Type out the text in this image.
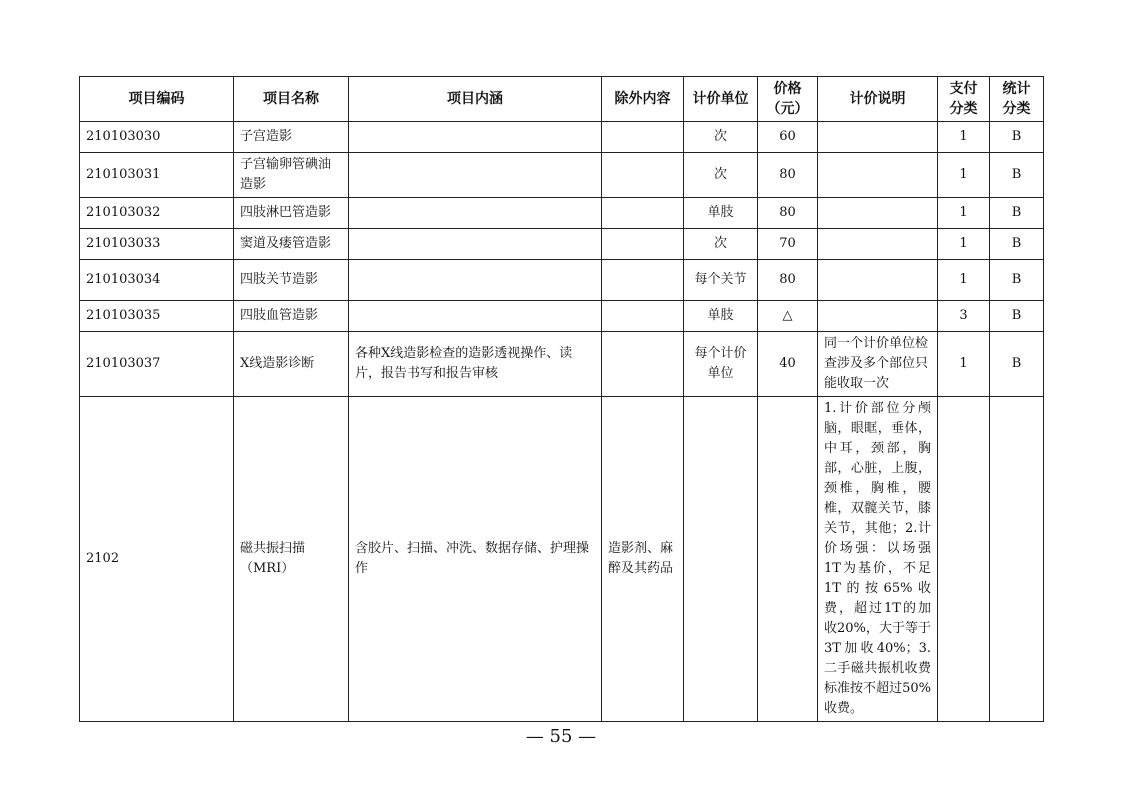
项目编码	项目名称	项目内涵	除外内容	计价单位	价格（元）	计价说明	支付分类	统计分类
210103030	子宫造影			次	60		1	B
210103031	子宫输卵管碘油造影			次	80		1	B
210103032	四肢淋巴管造影			单肢	80		1	B
210103033	窦道及瘘管造影			次	70		1	B
210103034	四肢关节造影			每个关节	80		1	B
210103035	四肢血管造影			单肢	△		3	B
210103037	X线造影诊断	各种X线造影检查的造影透视操作、读片，报告书写和报告审核		每个计价单位	40	同一个计价单位检查涉及多个部位只能收取一次	1	B
2102	磁共振扫描（MRI）	含胶片、扫描、冲洗、数据存储、护理操作	造影剂、麻醉及其药品			1.计价部位分颅脑，眼眶，垂体，中耳，颈部，胸部，心脏，上腹，颈椎，胸椎，腰椎，双髋关节，膝关节，其他；2.计价场强：以场强1T为基价，不足1T的按65%收费，超过1T的加收20%，大于等于3T加收40%；3.二手磁共振机收费标准按不超过50%收费。		
— 55 —
